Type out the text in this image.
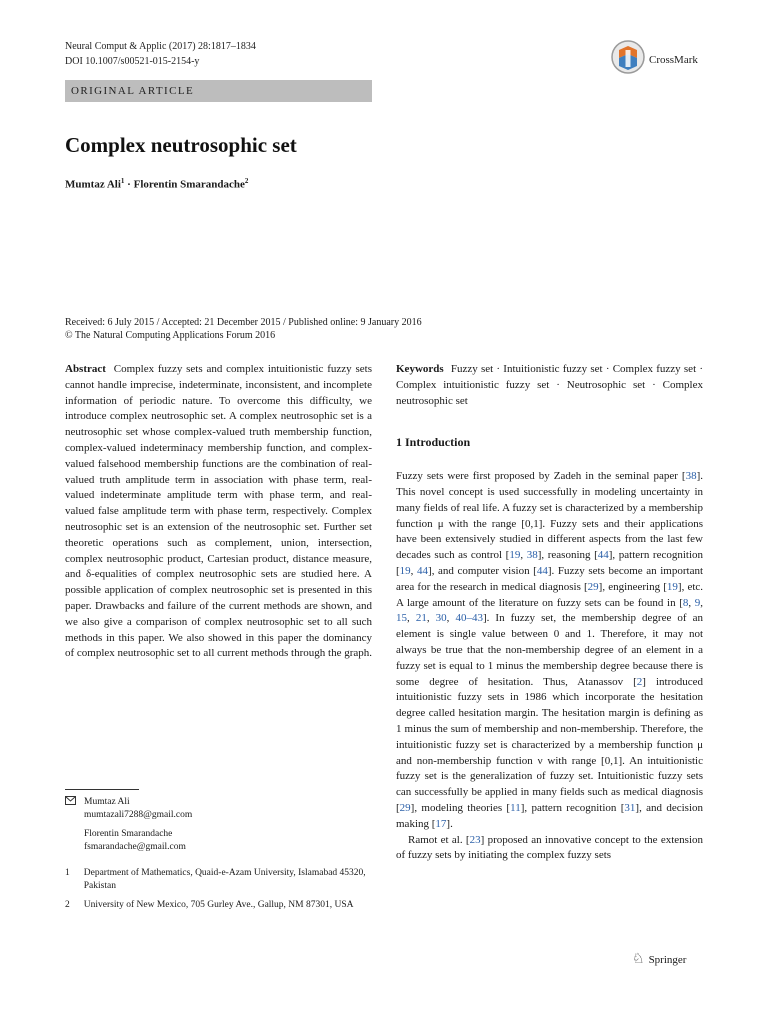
Neural Comput & Applic (2017) 28:1817–1834
DOI 10.1007/s00521-015-2154-y	CrossMark
ORIGINAL ARTICLE
Complex neutrosophic set
Mumtaz Ali$^1$ · Florentin Smarandache$^2$
Received: 6 July 2015 / Accepted: 21 December 2015 / Published online: 9 January 2016
© The Natural Computing Applications Forum 2016
Abstract Complex fuzzy sets and complex intuitionistic fuzzy sets cannot handle imprecise, indeterminate, inconsistent, and incomplete information of periodic nature. To overcome this difficulty, we introduce complex neutrosophic set. A complex neutrosophic set is a neutrosophic set whose complex-valued truth membership function, complex-valued indeterminacy membership function, and complex-valued falsehood membership functions are the combination of real-valued truth amplitude term in association with phase term, real-valued indeterminate amplitude term with phase term, and real-valued false amplitude term with phase term, respectively. Complex neutrosophic set is an extension of the neutrosophic set. Further set theoretic operations such as complement, union, intersection, complex neutrosophic product, Cartesian product, distance measure, and δ-equalities of complex neutrosophic sets are studied here. A possible application of complex neutrosophic set is presented in this paper. Drawbacks and failure of the current methods are shown, and we also give a comparison of complex neutrosophic set to all such methods in this paper. We also showed in this paper the dominancy of complex neutrosophic set to all current methods through the graph.
Mumtaz Ali
mumtazali7288@gmail.com
Florentin Smarandache
fsmarandache@gmail.com
1 Department of Mathematics, Quaid-e-Azam University, Islamabad 45320, Pakistan
2 University of New Mexico, 705 Gurley Ave., Gallup, NM 87301, USA
Keywords Fuzzy set · Intuitionistic fuzzy set · Complex fuzzy set · Complex intuitionistic fuzzy set · Neutrosophic set · Complex neutrosophic set
1 Introduction
Fuzzy sets were first proposed by Zadeh in the seminal paper [38]. This novel concept is used successfully in modeling uncertainty in many fields of real life. A fuzzy set is characterized by a membership function μ with the range [0,1]. Fuzzy sets and their applications have been extensively studied in different aspects from the last few decades such as control [19, 38], reasoning [44], pattern recognition [19, 44], and computer vision [44]. Fuzzy sets become an important area for the research in medical diagnosis [29], engineering [19], etc. A large amount of the literature on fuzzy sets can be found in [8, 9, 15, 21, 30, 40–43]. In fuzzy set, the membership degree of an element is single value between 0 and 1. Therefore, it may not always be true that the non-membership degree of an element in a fuzzy set is equal to 1 minus the membership degree because there is some degree of hesitation. Thus, Atanassov [2] introduced intuitionistic fuzzy sets in 1986 which incorporate the hesitation degree called hesitation margin. The hesitation margin is defining as 1 minus the sum of membership and non-membership. Therefore, the intuitionistic fuzzy set is characterized by a membership function μ and non-membership function ν with range [0,1]. An intuitionistic fuzzy set is the generalization of fuzzy set. Intuitionistic fuzzy sets can successfully be applied in many fields such as medical diagnosis [29], modeling theories [11], pattern recognition [31], and decision making [17].
Ramot et al. [23] proposed an innovative concept to the extension of fuzzy sets by initiating the complex fuzzy sets
♘ Springer
